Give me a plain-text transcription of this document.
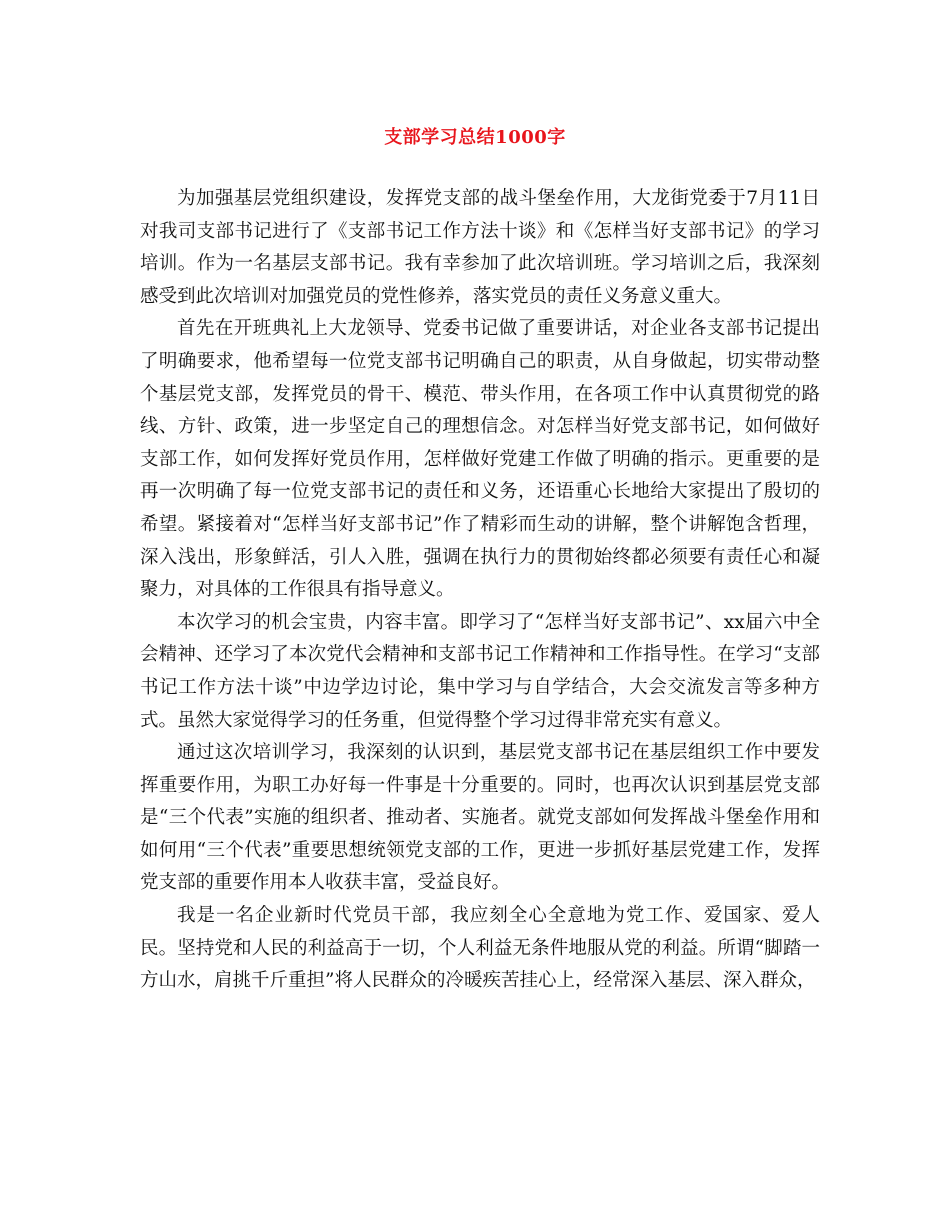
支部学习总结1000字

为加强基层党组织建设，发挥党支部的战斗堡垒作用，大龙街党委于7月11日对我司支部书记进行了《支部书记工作方法十谈》和《怎样当好支部书记》的学习培训。作为一名基层支部书记。我有幸参加了此次培训班。学习培训之后，我深刻感受到此次培训对加强党员的党性修养，落实党员的责任义务意义重大。

首先在开班典礼上大龙领导、党委书记做了重要讲话，对企业各支部书记提出了明确要求，他希望每一位党支部书记明确自己的职责，从自身做起，切实带动整个基层党支部，发挥党员的骨干、模范、带头作用，在各项工作中认真贯彻党的路线、方针、政策，进一步坚定自己的理想信念。对怎样当好党支部书记，如何做好支部工作，如何发挥好党员作用，怎样做好党建工作做了明确的指示。更重要的是再一次明确了每一位党支部书记的责任和义务，还语重心长地给大家提出了殷切的希望。紧接着对“怎样当好支部书记”作了精彩而生动的讲解，整个讲解饱含哲理，深入浅出，形象鲜活，引人入胜，强调在执行力的贯彻始终都必须要有责任心和凝聚力，对具体的工作很具有指导意义。

本次学习的机会宝贵，内容丰富。即学习了“怎样当好支部书记”、xx届六中全会精神、还学习了本次党代会精神和支部书记工作精神和工作指导性。在学习“支部书记工作方法十谈”中边学边讨论，集中学习与自学结合，大会交流发言等多种方式。虽然大家觉得学习的任务重，但觉得整个学习过得非常充实有意义。

通过这次培训学习，我深刻的认识到，基层党支部书记在基层组织工作中要发挥重要作用，为职工办好每一件事是十分重要的。同时，也再次认识到基层党支部是“三个代表”实施的组织者、推动者、实施者。就党支部如何发挥战斗堡垒作用和如何用“三个代表”重要思想统领党支部的工作，更进一步抓好基层党建工作，发挥党支部的重要作用本人收获丰富，受益良好。

我是一名企业新时代党员干部，我应刻全心全意地为党工作、爱国家、爱人民。坚持党和人民的利益高于一切，个人利益无条件地服从党的利益。所谓“脚踏一方山水，肩挑千斤重担”将人民群众的冷暖疾苦挂心上，经常深入基层、深入群众，
